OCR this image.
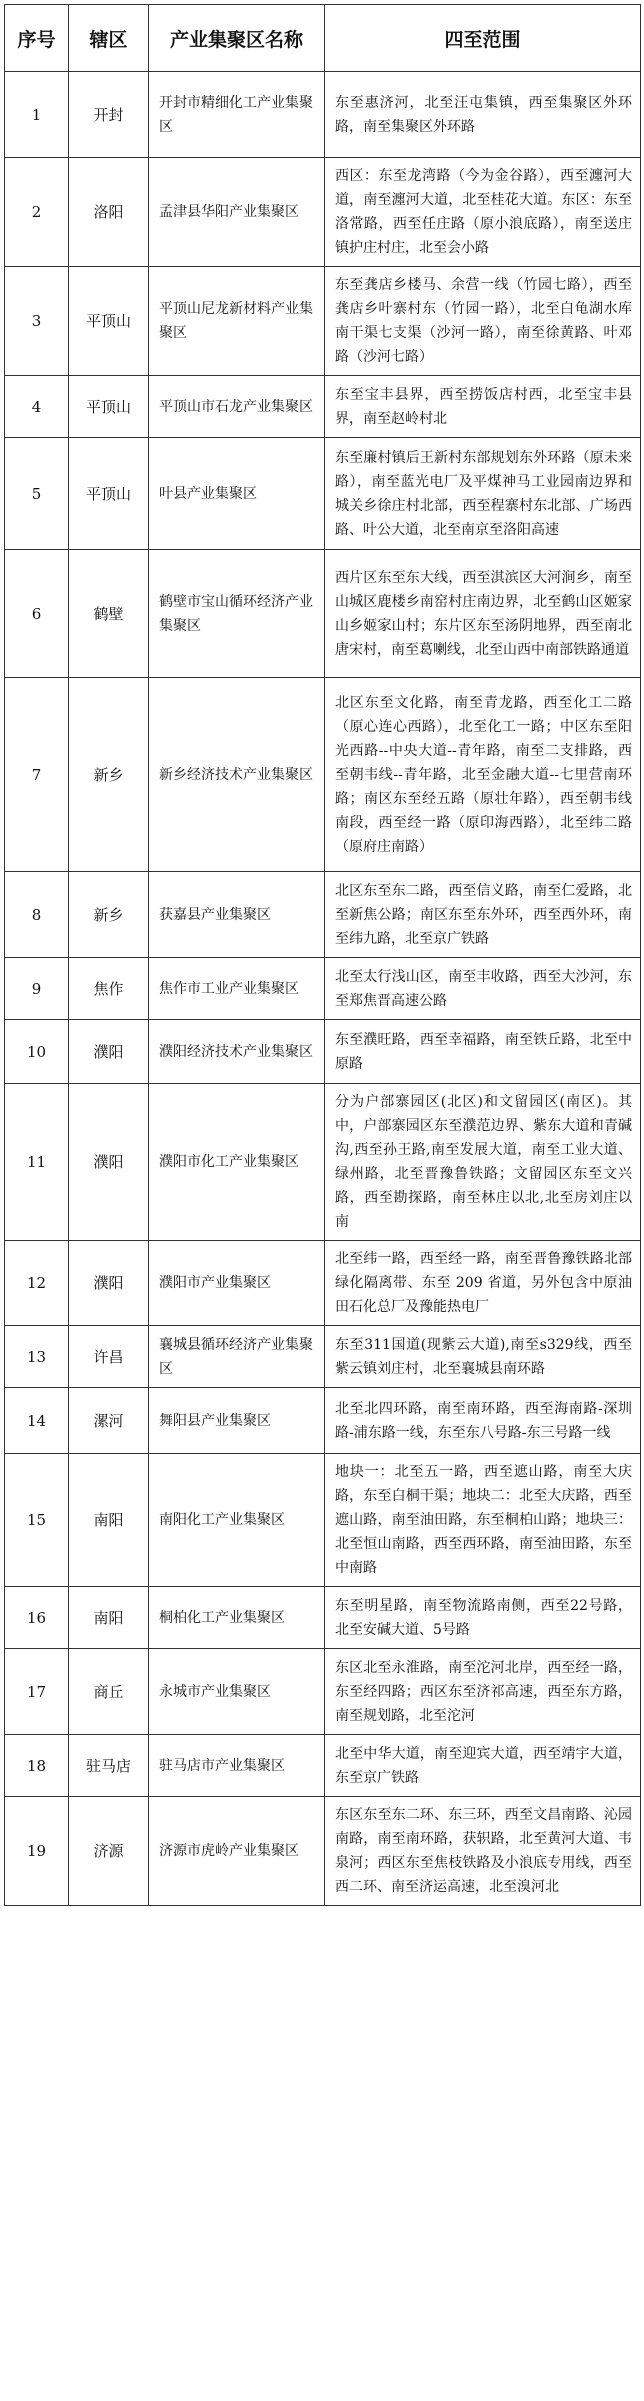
序号	辖区	产业集聚区名称	四至范围
1	开封	开封市精细化工产业集聚区	东至惠济河，北至汪屯集镇，西至集聚区外环路，南至集聚区外环路
2	洛阳	孟津县华阳产业集聚区	西区：东至龙湾路（今为金谷路），西至瀍河大道，南至瀍河大道，北至桂花大道。东区：东至洛常路，西至任庄路（原小浪底路），南至送庄镇护庄村庄，北至会小路
3	平顶山	平顶山尼龙新材料产业集聚区	东至龚店乡楼马、余营一线（竹园七路），西至龚店乡叶寨村东（竹园一路），北至白龟湖水库南干渠七支渠（沙河一路），南至徐黄路、叶邓路（沙河七路）
4	平顶山	平顶山市石龙产业集聚区	东至宝丰县界，西至捞饭店村西，北至宝丰县界，南至赵岭村北
5	平顶山	叶县产业集聚区	东至廉村镇后王新村东部规划东外环路（原未来路），南至蓝光电厂及平煤神马工业园南边界和城关乡徐庄村北部，西至程寨村东北部、广场西路、叶公大道，北至南京至洛阳高速
6	鹤壁	鹤壁市宝山循环经济产业集聚区	西片区东至东大线，西至淇滨区大河涧乡，南至山城区鹿楼乡南窑村庄南边界，北至鹤山区姬家山乡姬家山村；东片区东至汤阴地界，西至南北唐宋村，南至葛喇线，北至山西中南部铁路通道
7	新乡	新乡经济技术产业集聚区	北区东至文化路，南至青龙路，西至化工二路（原心连心西路），北至化工一路；中区东至阳光西路--中央大道--青年路，南至二支排路，西至朝韦线--青年路，北至金融大道--七里营南环路；南区东至经五路（原壮年路），西至朝韦线南段，西至经一路（原印海西路），北至纬二路（原府庄南路）
8	新乡	获嘉县产业集聚区	北区东至东二路，西至信义路，南至仁爱路，北至新焦公路；南区东至东外环，西至西外环，南至纬九路，北至京广铁路
9	焦作	焦作市工业产业集聚区	北至太行浅山区，南至丰收路，西至大沙河，东至郑焦晋高速公路
10	濮阳	濮阳经济技术产业集聚区	东至濮旺路，西至幸福路，南至铁丘路，北至中原路
11	濮阳	濮阳市化工产业集聚区	分为户部寨园区(北区)和文留园区(南区)。其中，户部寨园区东至濮范边界、紫东大道和青碱沟,西至孙王路,南至发展大道，南至工业大道、绿州路，北至晋豫鲁铁路；文留园区东至文兴路，西至勘探路，南至林庄以北,北至房刘庄以南
12	濮阳	濮阳市产业集聚区	北至纬一路，西至经一路，南至晋鲁豫铁路北部绿化隔离带、东至 209 省道，另外包含中原油田石化总厂及豫能热电厂
13	许昌	襄城县循环经济产业集聚区	东至311国道(现紫云大道),南至s329线，西至紫云镇刘庄村，北至襄城县南环路
14	漯河	舞阳县产业集聚区	北至北四环路，南至南环路，西至海南路-深圳路-浦东路一线，东至东八号路-东三号路一线
15	南阳	南阳化工产业集聚区	地块一：北至五一路，西至遮山路，南至大庆路，东至白桐干渠；地块二：北至大庆路，西至遮山路，南至油田路，东至桐柏山路；地块三：北至恒山南路，西至西环路，南至油田路，东至中南路
16	南阳	桐柏化工产业集聚区	东至明星路，南至物流路南侧，西至22号路，北至安碱大道、5号路
17	商丘	永城市产业集聚区	东区北至永淮路，南至沱河北岸，西至经一路，东至经四路；西区东至济祁高速，西至东方路，南至规划路，北至沱河
18	驻马店	驻马店市产业集聚区	北至中华大道，南至迎宾大道，西至靖宇大道，东至京广铁路
19	济源	济源市虎岭产业集聚区	东区东至东二环、东三环，西至文昌南路、沁园南路，南至南环路，获轵路，北至黄河大道、韦泉河；西区东至焦枝铁路及小浪底专用线，西至西二环、南至济运高速，北至溴河北
